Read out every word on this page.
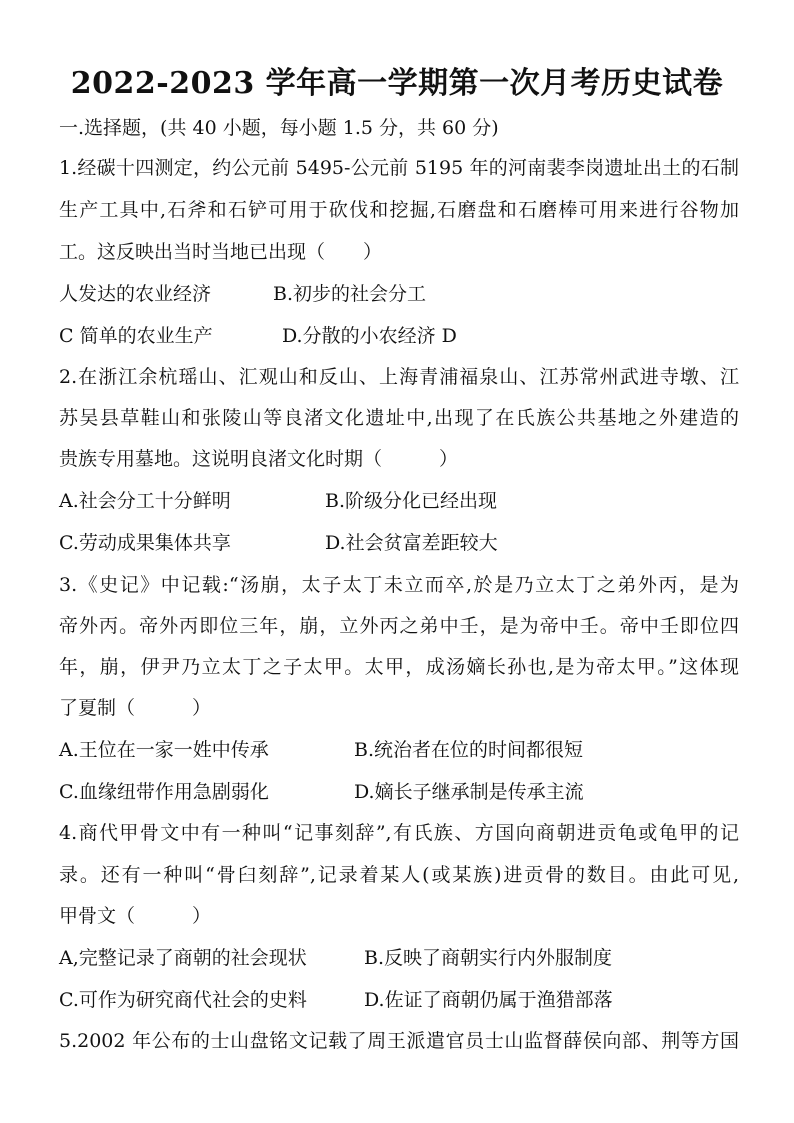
2022-2023 学年高一学期第一次月考历史试卷
一.选择题，(共 40 小题，每小题 1.5 分，共 60 分)
1.经碳十四测定，约公元前 5495-公元前 5195 年的河南裴李岗遗址出土的石制
生产工具中,石斧和石铲可用于砍伐和挖掘,石磨盘和石磨棒可用来进行谷物加
工。这反映出当时当地已出现（　　）
人发达的农业经济	B.初步的社会分工
C 简单的农业生产	D.分散的小农经济 D
2.在浙江余杭瑶山、汇观山和反山、上海青浦福泉山、江苏常州武进寺墩、江
苏吴县草鞋山和张陵山等良渚文化遗址中,出现了在氏族公共基地之外建造的
贵族专用墓地。这说明良渚文化时期（　　　）
A.社会分工十分鲜明	B.阶级分化已经出现
C.劳动成果集体共享	D.社会贫富差距较大
3.《史记》中记载:“汤崩，太子太丁未立而卒,於是乃立太丁之弟外丙，是为
帝外丙。帝外丙即位三年，崩，立外丙之弟中壬，是为帝中壬。帝中壬即位四
年，崩，伊尹乃立太丁之子太甲。太甲，成汤嫡长孙也,是为帝太甲。”这体现
了夏制（　　　）
A.王位在一家一姓中传承	B.统治者在位的时间都很短
C.血缘纽带作用急剧弱化	D.嫡长子继承制是传承主流
4.商代甲骨文中有一种叫“记事刻辞”,有氏族、方国向商朝进贡龟或龟甲的记
录。还有一种叫“骨臼刻辞”,记录着某人(或某族)进贡骨的数目。由此可见,
甲骨文（　　　）
A,完整记录了商朝的社会现状	B.反映了商朝实行内外服制度
C.可作为研究商代社会的史料	D.佐证了商朝仍属于渔猎部落
5.2002 年公布的士山盘铭文记载了周王派遣官员士山监督薛侯向部、荆等方国
